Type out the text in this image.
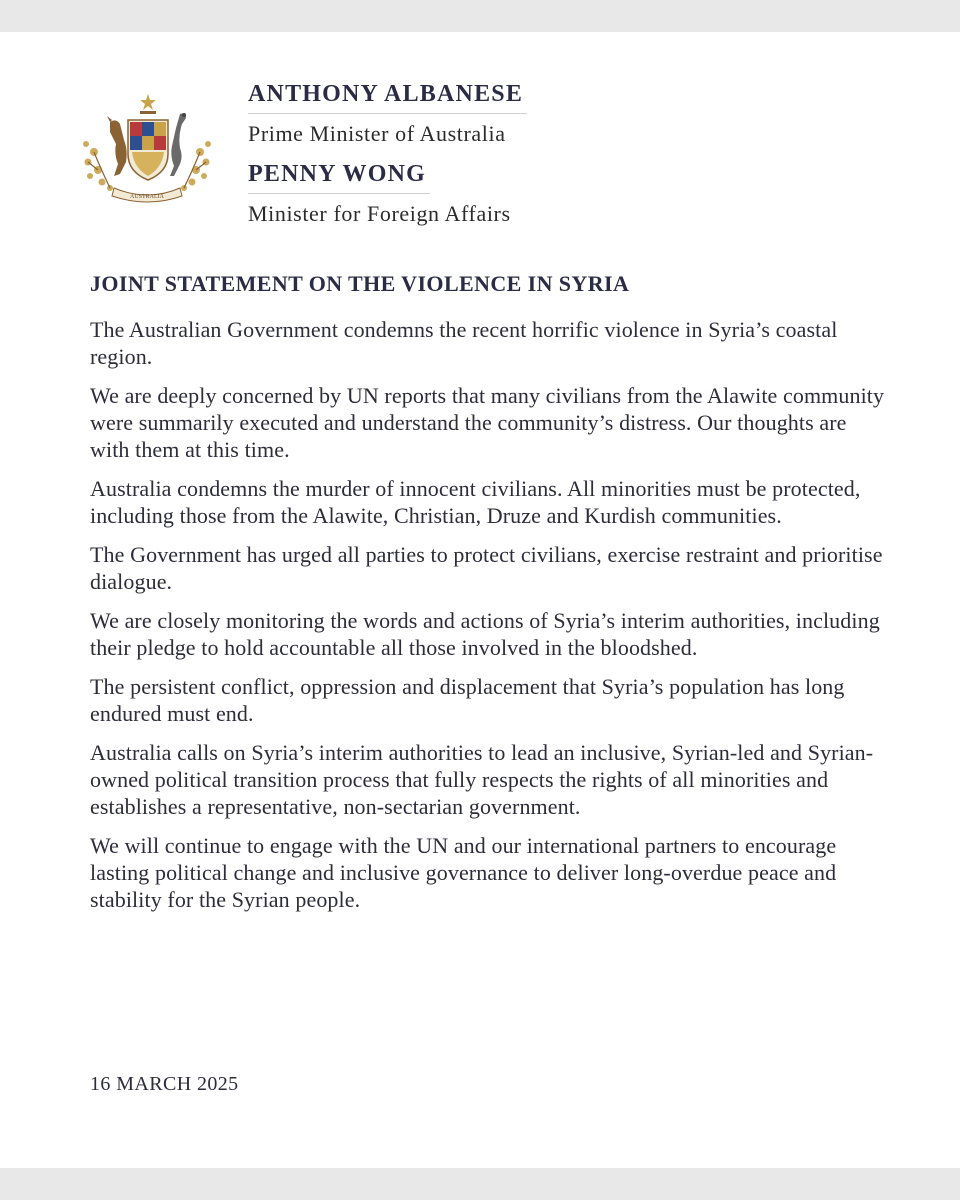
AUSTRALIA
ANTHONY ALBANESE
Prime Minister of Australia
PENNY WONG
Minister for Foreign Affairs
JOINT STATEMENT ON THE VIOLENCE IN SYRIA

The Australian Government condemns the recent horrific violence in Syria’s coastal region.

We are deeply concerned by UN reports that many civilians from the Alawite community were summarily executed and understand the community’s distress. Our thoughts are with them at this time.

Australia condemns the murder of innocent civilians. All minorities must be protected, including those from the Alawite, Christian, Druze and Kurdish communities.

The Government has urged all parties to protect civilians, exercise restraint and prioritise dialogue.

We are closely monitoring the words and actions of Syria’s interim authorities, including their pledge to hold accountable all those involved in the bloodshed.

The persistent conflict, oppression and displacement that Syria’s population has long endured must end.

Australia calls on Syria’s interim authorities to lead an inclusive, Syrian-led and Syrian-owned political transition process that fully respects the rights of all minorities and establishes a representative, non-sectarian government.

We will continue to engage with the UN and our international partners to encourage lasting political change and inclusive governance to deliver long-overdue peace and stability for the Syrian people.

16 MARCH 2025
